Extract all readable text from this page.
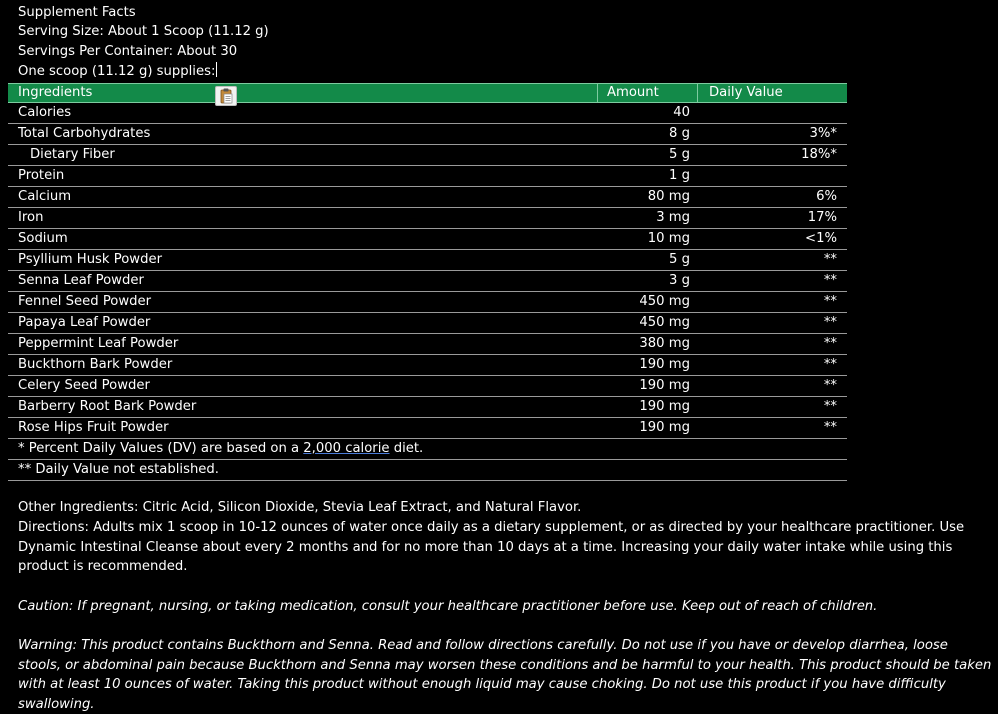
Supplement Facts
Serving Size: About 1 Scoop (11.12 g)
Servings Per Container: About 30
One scoop (11.12 g) supplies:
Ingredients	Amount	Daily Value
Calories	40
Total Carbohydrates	8 g	3%*
Dietary Fiber	5 g	18%*
Protein	1 g
Calcium	80 mg	6%
Iron	3 mg	17%
Sodium	10 mg	<1%
Psyllium Husk Powder	5 g	**
Senna Leaf Powder	3 g	**
Fennel Seed Powder	450 mg	**
Papaya Leaf Powder	450 mg	**
Peppermint Leaf Powder	380 mg	**
Buckthorn Bark Powder	190 mg	**
Celery Seed Powder	190 mg	**
Barberry Root Bark Powder	190 mg	**
Rose Hips Fruit Powder	190 mg	**
* Percent Daily Values (DV) are based on a 2,000 calorie diet.
** Daily Value not established.
Other Ingredients: Citric Acid, Silicon Dioxide, Stevia Leaf Extract, and Natural Flavor.
Directions: Adults mix 1 scoop in 10-12 ounces of water once daily as a dietary supplement, or as directed by your healthcare practitioner. Use Dynamic Intestinal Cleanse about every 2 months and for no more than 10 days at a time. Increasing your daily water intake while using this product is recommended.
Caution: If pregnant, nursing, or taking medication, consult your healthcare practitioner before use. Keep out of reach of children.
Warning: This product contains Buckthorn and Senna. Read and follow directions carefully. Do not use if you have or develop diarrhea, loose stools, or abdominal pain because Buckthorn and Senna may worsen these conditions and be harmful to your health. This product should be taken with at least 10 ounces of water. Taking this product without enough liquid may cause choking. Do not use this product if you have difficulty swallowing.
